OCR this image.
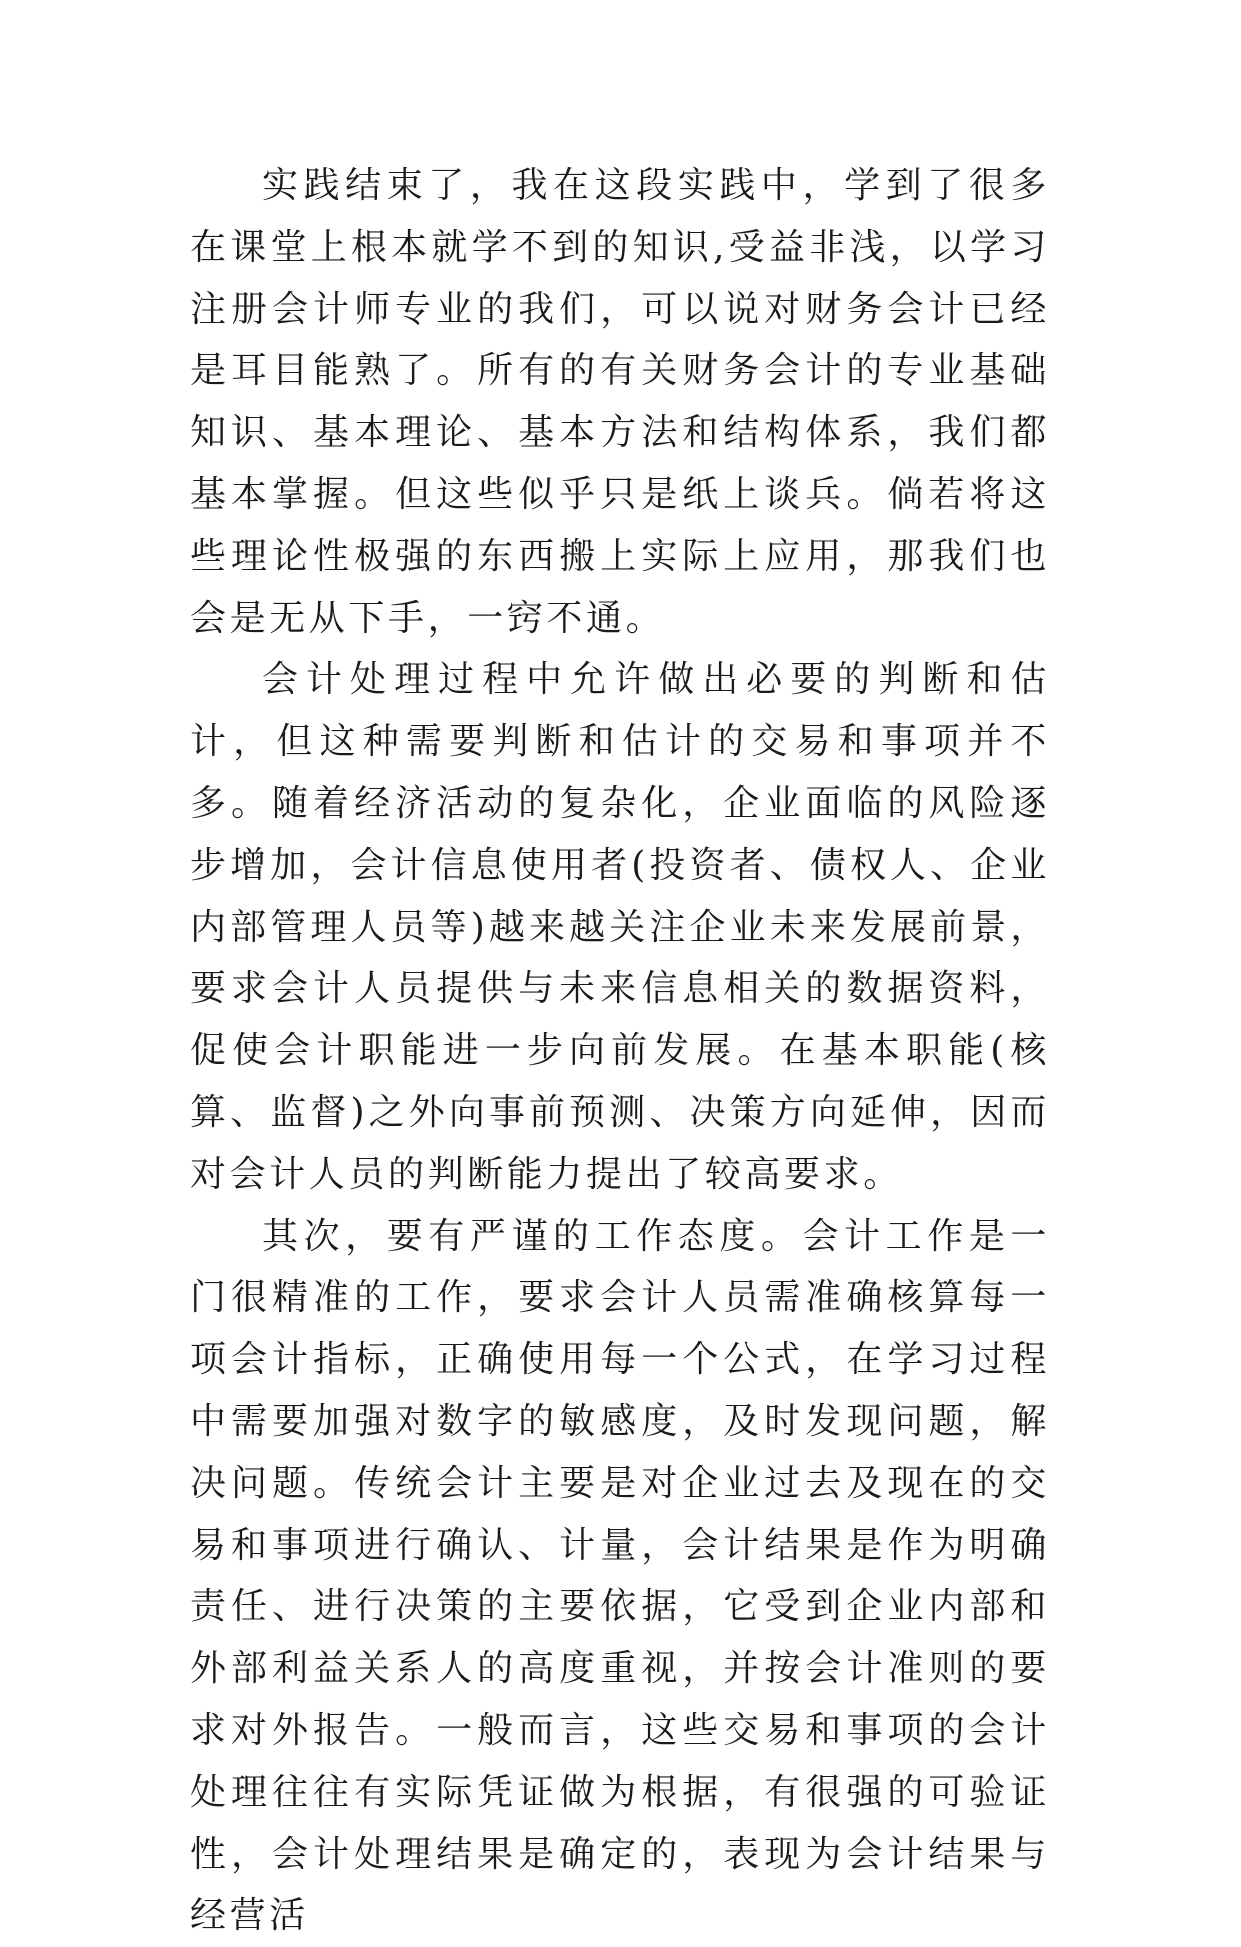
实践结束了，我在这段实践中，学到了很多在课堂上根本就学不到的知识,受益非浅，以学习注册会计师专业的我们，可以说对财务会计已经是耳目能熟了。所有的有关财务会计的专业基础知识、基本理论、基本方法和结构体系，我们都基本掌握。但这些似乎只是纸上谈兵。倘若将这些理论性极强的东西搬上实际上应用，那我们也会是无从下手，一窍不通。

会计处理过程中允许做出必要的判断和估计，但这种需要判断和估计的交易和事项并不多。随着经济活动的复杂化，企业面临的风险逐步增加，会计信息使用者(投资者、债权人、企业内部管理人员等)越来越关注企业未来发展前景，要求会计人员提供与未来信息相关的数据资料，促使会计职能进一步向前发展。在基本职能(核算、监督)之外向事前预测、决策方向延伸，因而对会计人员的判断能力提出了较高要求。

其次，要有严谨的工作态度。会计工作是一门很精准的工作，要求会计人员需准确核算每一项会计指标，正确使用每一个公式，在学习过程中需要加强对数字的敏感度，及时发现问题，解决问题。传统会计主要是对企业过去及现在的交易和事项进行确认、计量，会计结果是作为明确责任、进行决策的主要依据，它受到企业内部和外部利益关系人的高度重视，并按会计准则的要求对外报告。一般而言，这些交易和事项的会计处理往往有实际凭证做为根据，有很强的可验证性，会计处理结果是确定的，表现为会计结果与经营活
